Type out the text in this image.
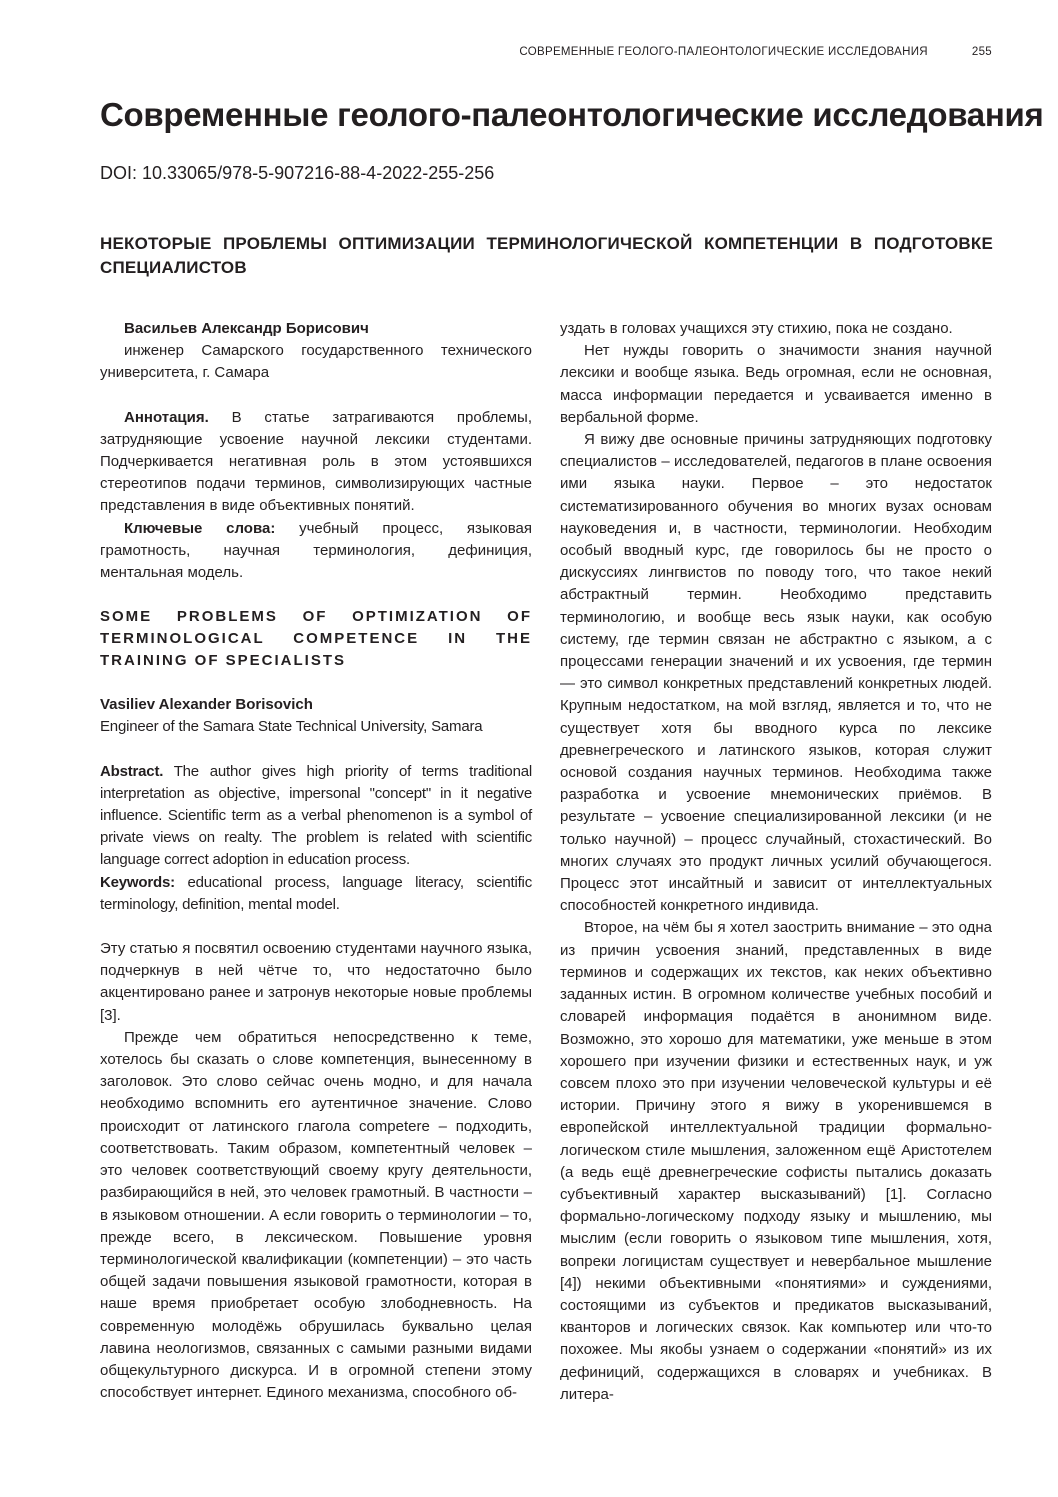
СОВРЕМЕННЫЕ ГЕОЛОГО-ПАЛЕОНТОЛОГИЧЕСКИЕ ИССЛЕДОВАНИЯ	255
Современные геолого-палеонтологические исследования
DOI: 10.33065/978-5-907216-88-4-2022-255-256
НЕКОТОРЫЕ ПРОБЛЕМЫ ОПТИМИЗАЦИИ ТЕРМИНОЛОГИЧЕСКОЙ КОМПЕТЕНЦИИ В ПОДГОТОВКЕ СПЕЦИАЛИСТОВ

Васильев Александр Борисович

инженер Самарского государственного технического университета, г. Самара

Аннотация. В статье затрагиваются проблемы, затрудняющие усвоение научной лексики студентами. Подчеркивается негативная роль в этом устоявшихся стереотипов подачи терминов, символизирующих частные представления в виде объективных понятий.

Ключевые слова: учебный процесс, языковая грамотность, научная терминология, дефиниция, ментальная модель.

SOME PROBLEMS OF OPTIMIZATION OF TERMINOLOGICAL COMPETENCE IN THE TRAINING OF SPECIALISTS

Vasiliev Alexander Borisovich

Engineer of the Samara State Technical University, Samara

Abstract. The author gives high priority of terms traditional interpretation as objective, impersonal "concept" in it negative influence. Scientific term as a verbal phenomenon is a symbol of private views on realty. The problem is related with scientific language correct adoption in education process.

Keywords: educational process, language literacy, scientific terminology, definition, mental model.

Эту статью я посвятил освоению студентами научного языка, подчеркнув в ней чётче то, что недостаточно было акцентировано ранее и затронув некоторые новые проблемы [3].

Прежде чем обратиться непосредственно к теме, хотелось бы сказать о слове компетенция, вынесенному в заголовок. Это слово сейчас очень модно, и для начала необходимо вспомнить его аутентичное значение. Слово происходит от латинского глагола competere – подходить, соответствовать. Таким образом, компетентный человек – это человек соответствующий своему кругу деятельности, разбирающийся в ней, это человек грамотный. В частности – в языковом отношении. А если говорить о терминологии – то, прежде всего, в лексическом. Повышение уровня терминологической квалификации (компетенции) – это часть общей задачи повышения языковой грамотности, которая в наше время приобретает особую злободневность. На современную молодёжь обрушилась буквально целая лавина неологизмов, связанных с самыми разными видами общекультурного дискурса. И в огромной степени этому способствует интернет. Единого механизма, способного об-

уздать в головах учащихся эту стихию, пока не создано.

Нет нужды говорить о значимости знания научной лексики и вообще языка. Ведь огромная, если не основная, масса информации передается и усваивается именно в вербальной форме.

Я вижу две основные причины затрудняющих подготовку специалистов – исследователей, педагогов в плане освоения ими языка науки. Первое – это недостаток систематизированного обучения во многих вузах основам науковедения и, в частности, терминологии. Необходим особый вводный курс, где говорилось бы не просто о дискуссиях лингвистов по поводу того, что такое некий абстрактный термин. Необходимо представить терминологию, и вообще весь язык науки, как особую систему, где термин связан не абстрактно с языком, а с процессами генерации значений и их усвоения, где термин — это символ конкретных представлений конкретных людей. Крупным недостатком, на мой взгляд, является и то, что не существует хотя бы вводного курса по лексике древнегреческого и латинского языков, которая служит основой создания научных терминов. Необходима также разработка и усвоение мнемонических приёмов. В результате – усвоение специализированной лексики (и не только научной) – процесс случайный, стохастический. Во многих случаях это продукт личных усилий обучающегося. Процесс этот инсайтный и зависит от интеллектуальных способностей конкретного индивида.

Второе, на чём бы я хотел заострить внимание – это одна из причин усвоения знаний, представленных в виде терминов и содержащих их текстов, как неких объективно заданных истин. В огромном количестве учебных пособий и словарей информация подаётся в анонимном виде. Возможно, это хорошо для математики, уже меньше в этом хорошего при изучении физики и естественных наук, и уж совсем плохо это при изучении человеческой культуры и её истории. Причину этого я вижу в укоренившемся в европейской интеллектуальной традиции формально-логическом стиле мышления, заложенном ещё Аристотелем (а ведь ещё древнегреческие софисты пытались доказать субъективный характер высказываний) [1]. Согласно формально-логическому подходу языку и мышлению, мы мыслим (если говорить о языковом типе мышления, хотя, вопреки логицистам существует и невербальное мышление [4]) некими объективными «понятиями» и суждениями, состоящими из субъектов и предикатов высказываний, кванторов и логических связок. Как компьютер или что-то похожее. Мы якобы узнаем о содержании «понятий» из их дефиниций, содержащихся в словарях и учебниках. В литера-
